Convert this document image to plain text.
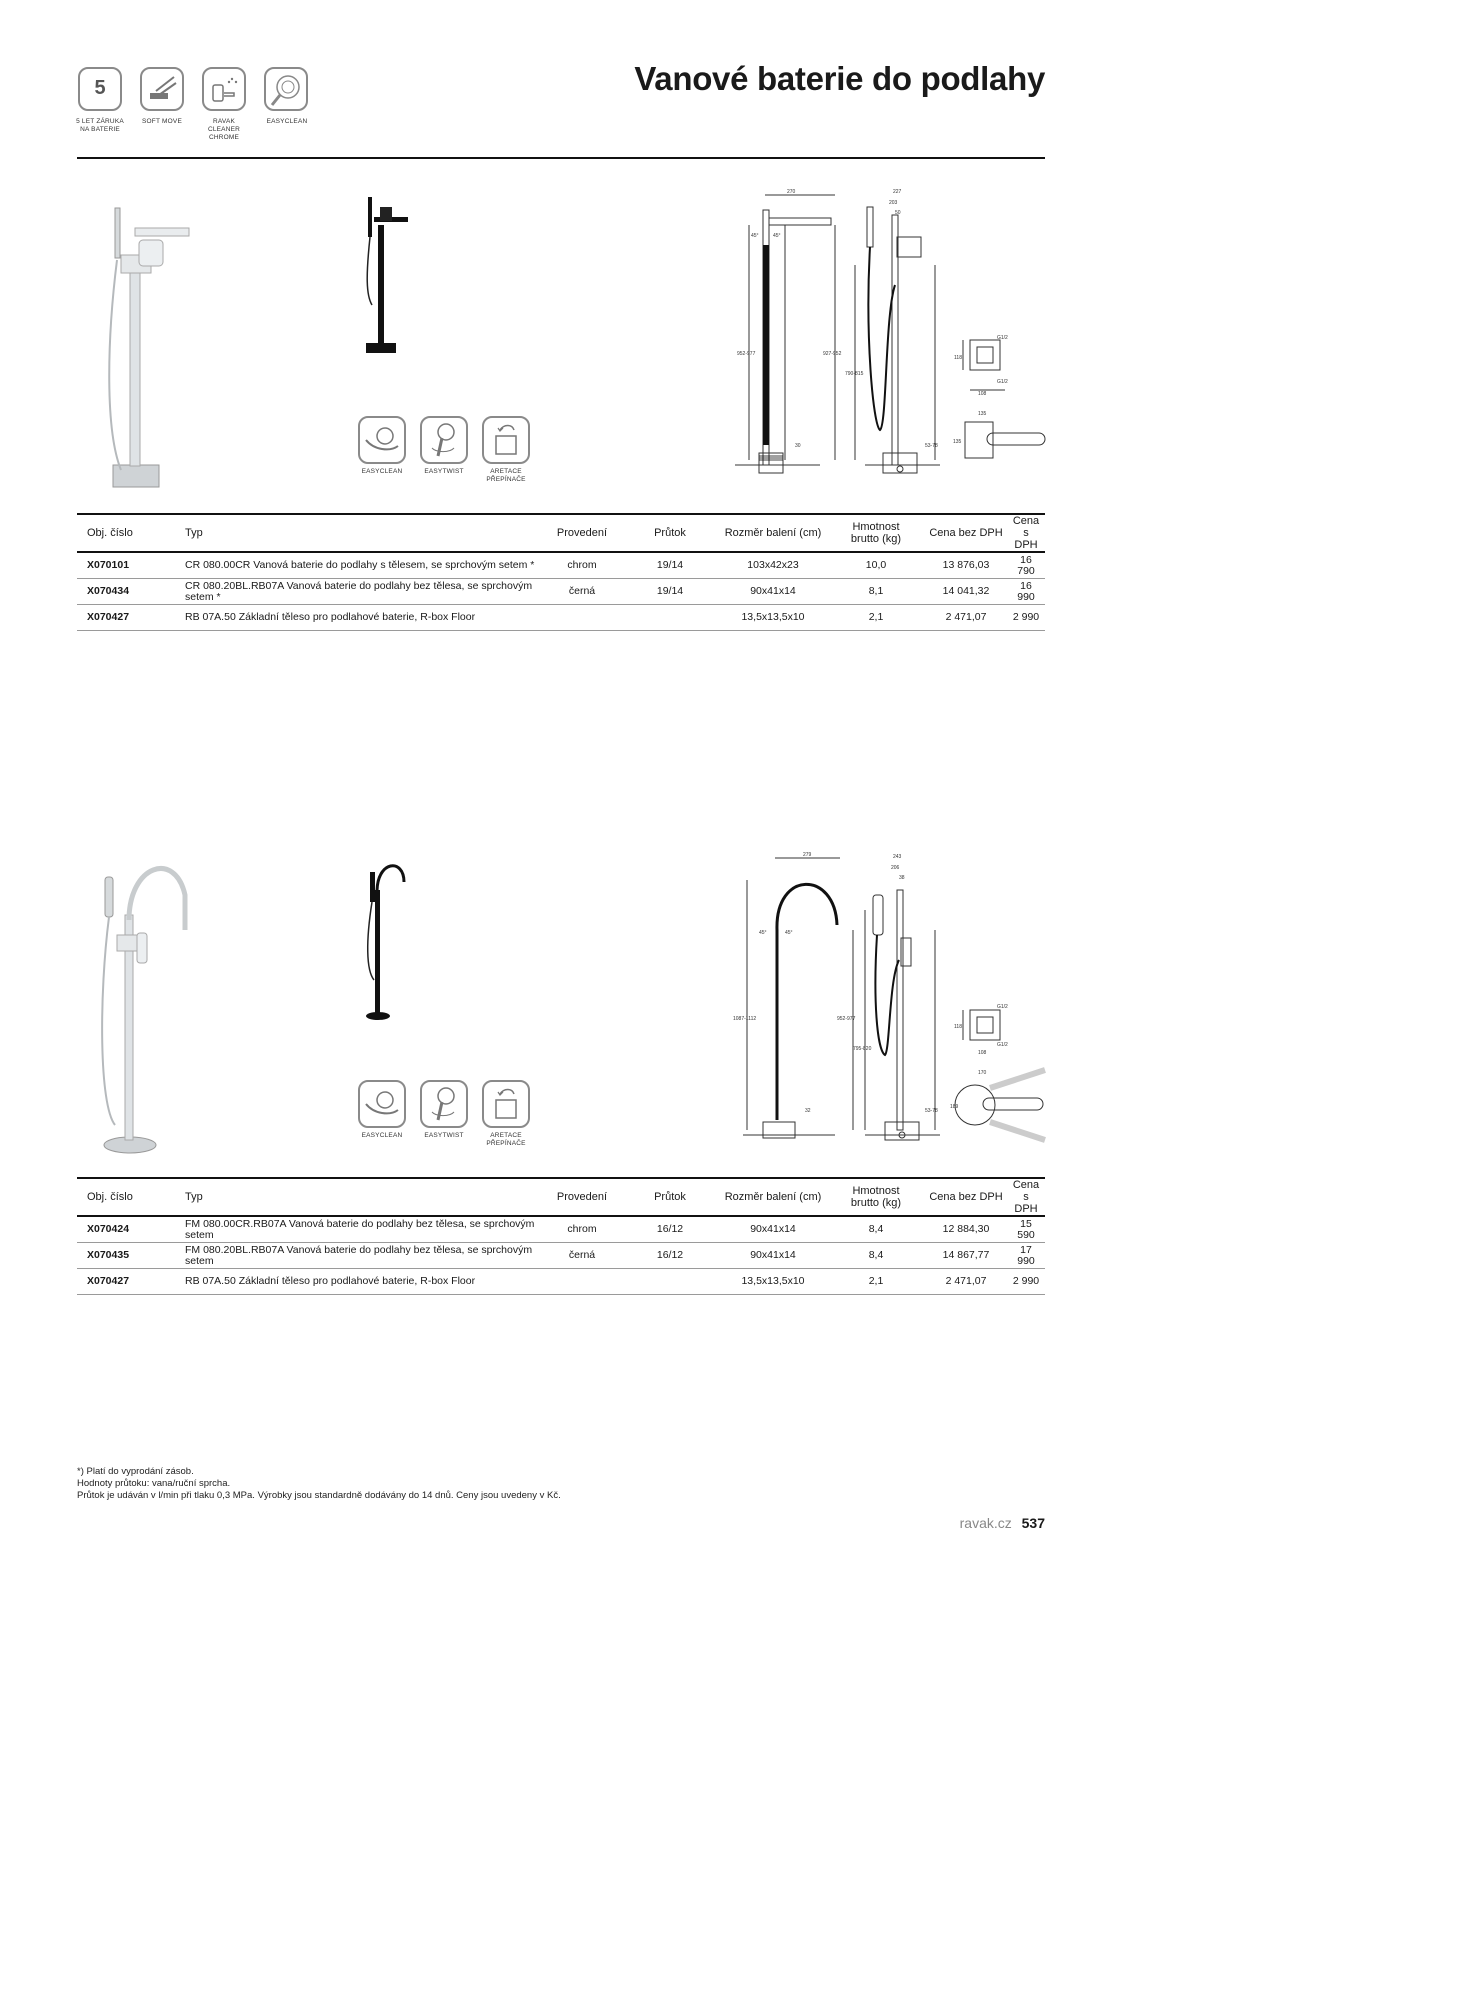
5
5 LET ZÁRUKA
NA BATERIE
SOFT MOVE	RAVAK
CLEANER
CHROME
EASYCLEAN
Vanové baterie do podlahy
EASYCLEAN	EASYTWIST	ARETACE
PŘEPÍNAČE
270	227
203
50
45°	45°
952-977	927-952
790-815
30	53-78
G1/2
G1/2
118
108
135
135
Obj. číslo	Typ	Provedení	Průtok	Rozměr balení (cm)	Hmotnost
brutto (kg)	Cena bez DPH	Cena s DPH
X070101	CR 080.00CR Vanová baterie do podlahy s tělesem, se sprchovým setem *	chrom	19/14	103x42x23	10,0	13 876,03	16 790
X070434	CR 080.20BL.RB07A Vanová baterie do podlahy bez tělesa, se sprchovým setem *	černá	19/14	90x41x14	8,1	14 041,32	16 990
X070427	RB 07A.50 Základní těleso pro podlahové baterie, R-box Floor			13,5x13,5x10	2,1	2 471,07	2 990
EASYCLEAN	EASYTWIST	ARETACE
PŘEPÍNAČE
279	243
206
38
45°	45°
1087-1112	952-977
795-820
32	53-78
G1/2
G1/2
118
108
170
189
Obj. číslo	Typ	Provedení	Průtok	Rozměr balení (cm)	Hmotnost
brutto (kg)	Cena bez DPH	Cena s DPH
X070424	FM 080.00CR.RB07A Vanová baterie do podlahy bez tělesa, se sprchovým setem	chrom	16/12	90x41x14	8,4	12 884,30	15 590
X070435	FM 080.20BL.RB07A Vanová baterie do podlahy bez tělesa, se sprchovým setem	černá	16/12	90x41x14	8,4	14 867,77	17 990
X070427	RB 07A.50 Základní těleso pro podlahové baterie, R-box Floor			13,5x13,5x10	2,1	2 471,07	2 990
*) Platí do vyprodání zásob.
Hodnoty průtoku: vana/ruční sprcha.
Průtok je udáván v l/min při tlaku 0,3 MPa. Výrobky jsou standardně dodávány do 14 dnů. Ceny jsou uvedeny v Kč.
ravak.cz 537
